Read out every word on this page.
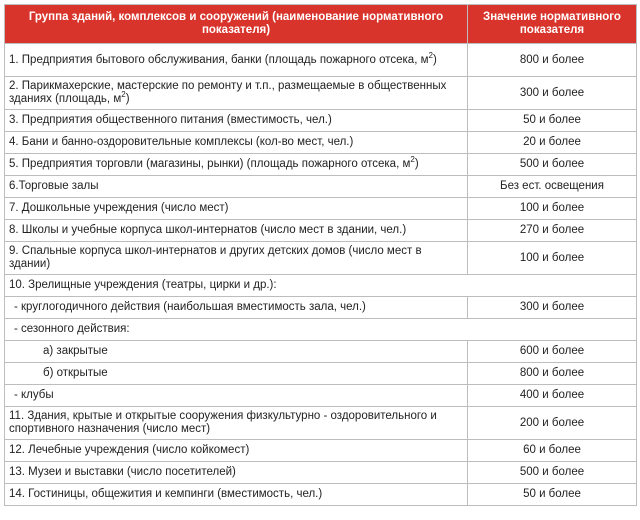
Группа зданий, комплексов и сооружений (наименование нормативного показателя)	Значение нормативного показателя
1. Предприятия бытового обслуживания, банки (площадь пожарного отсека, $м^2$)	800 и более
2. Парикмахерские, мастерские по ремонту и т.п., размещаемые в общественных зданиях (площадь, $м^2$)	300 и более
3. Предприятия общественного питания (вместимость, чел.)	50 и более
4. Бани и банно-оздоровительные комплексы (кол-во мест, чел.)	20 и более
5. Предприятия торговли (магазины, рынки) (площадь пожарного отсека, $м^2$)	500 и более
6.Торговые залы	Без ест. освещения
7. Дошкольные учреждения (число мест)	100 и более
8. Школы и учебные корпуса школ-интернатов (число мест в здании, чел.)	270 и более
9. Спальные корпуса школ-интернатов и других детских домов (число мест в здании)	100 и более
10. Зрелищные учреждения (театры, цирки и др.):	
- круглогодичного действия (наибольшая вместимость зала, чел.)	300 и более
- сезонного действия:	
а) закрытые	600 и более
б) открытые	800 и более
- клубы	400 и более
11. Здания, крытые и открытые сооружения физкультурно - оздоровительного и спортивного назначения (число мест)	200 и более
12. Лечебные учреждения (число койкомест)	60 и более
13. Музеи и выставки (число посетителей)	500 и более
14. Гостиницы, общежития и кемпинги (вместимость, чел.)	50 и более
